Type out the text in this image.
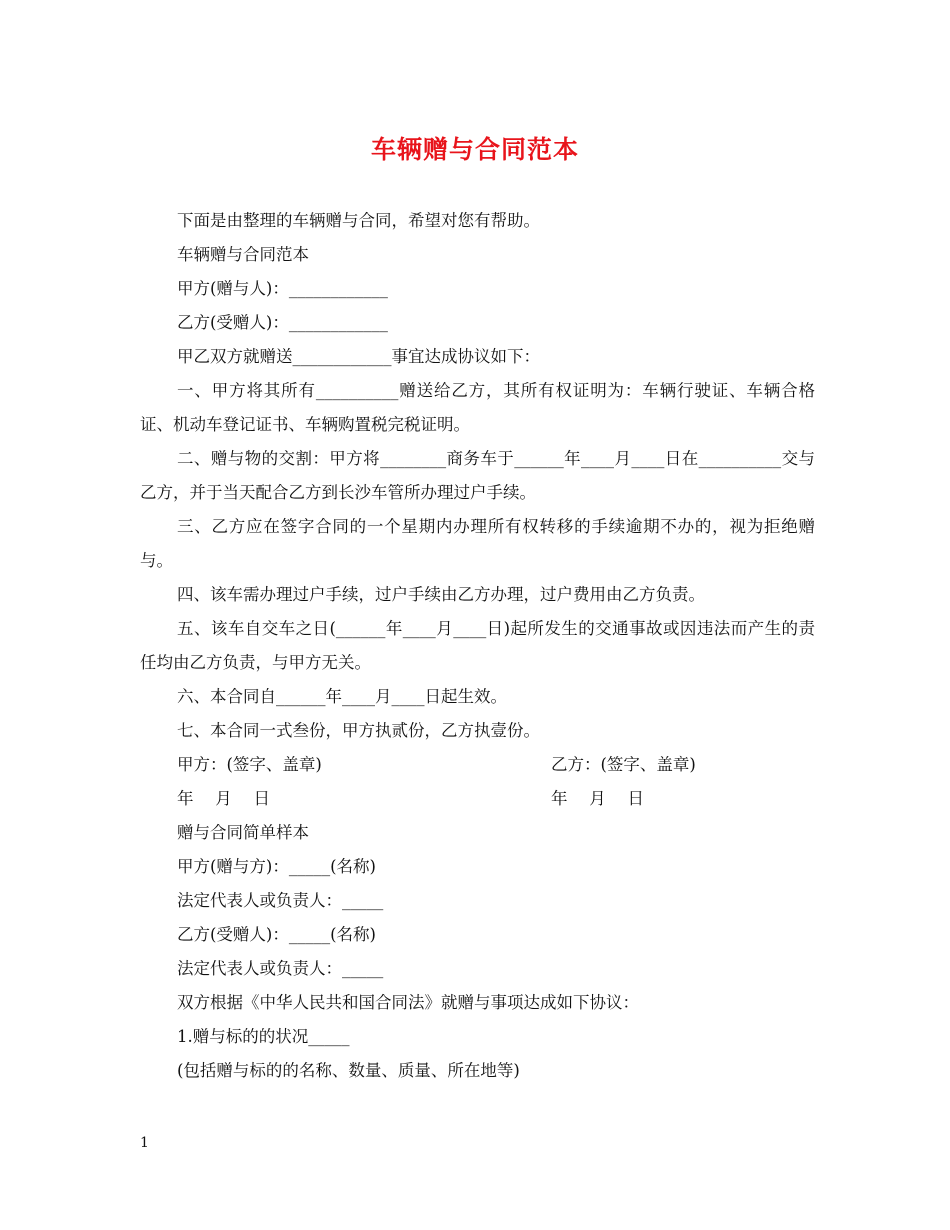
车辆赠与合同范本

下面是由整理的车辆赠与合同，希望对您有帮助。

车辆赠与合同范本

甲方(赠与人)：____________

乙方(受赠人)：____________

甲乙双方就赠送____________事宜达成协议如下：

一、甲方将其所有__________赠送给乙方，其所有权证明为：车辆行驶证、车辆合格证、机动车登记证书、车辆购置税完税证明。

二、赠与物的交割：甲方将________商务车于______年____月____日在__________交与乙方，并于当天配合乙方到长沙车管所办理过户手续。

三、乙方应在签字合同的一个星期内办理所有权转移的手续逾期不办的，视为拒绝赠与。

四、该车需办理过户手续，过户手续由乙方办理，过户费用由乙方负责。

五、该车自交车之日(______年____月____日)起所发生的交通事故或因违法而产生的责任均由乙方负责，与甲方无关。

六、本合同自______年____月____日起生效。

七、本合同一式叁份，甲方执贰份，乙方执壹份。

甲方：(签字、盖章)	乙方：(签字、盖章)
年　 月　 日	年　 月　 日

赠与合同简单样本

甲方(赠与方)：_____(名称)

法定代表人或负责人：_____

乙方(受赠人)：_____(名称)

法定代表人或负责人：_____

双方根据《中华人民共和国合同法》就赠与事项达成如下协议：

1.赠与标的的状况_____

(包括赠与标的的名称、数量、质量、所在地等)

1
